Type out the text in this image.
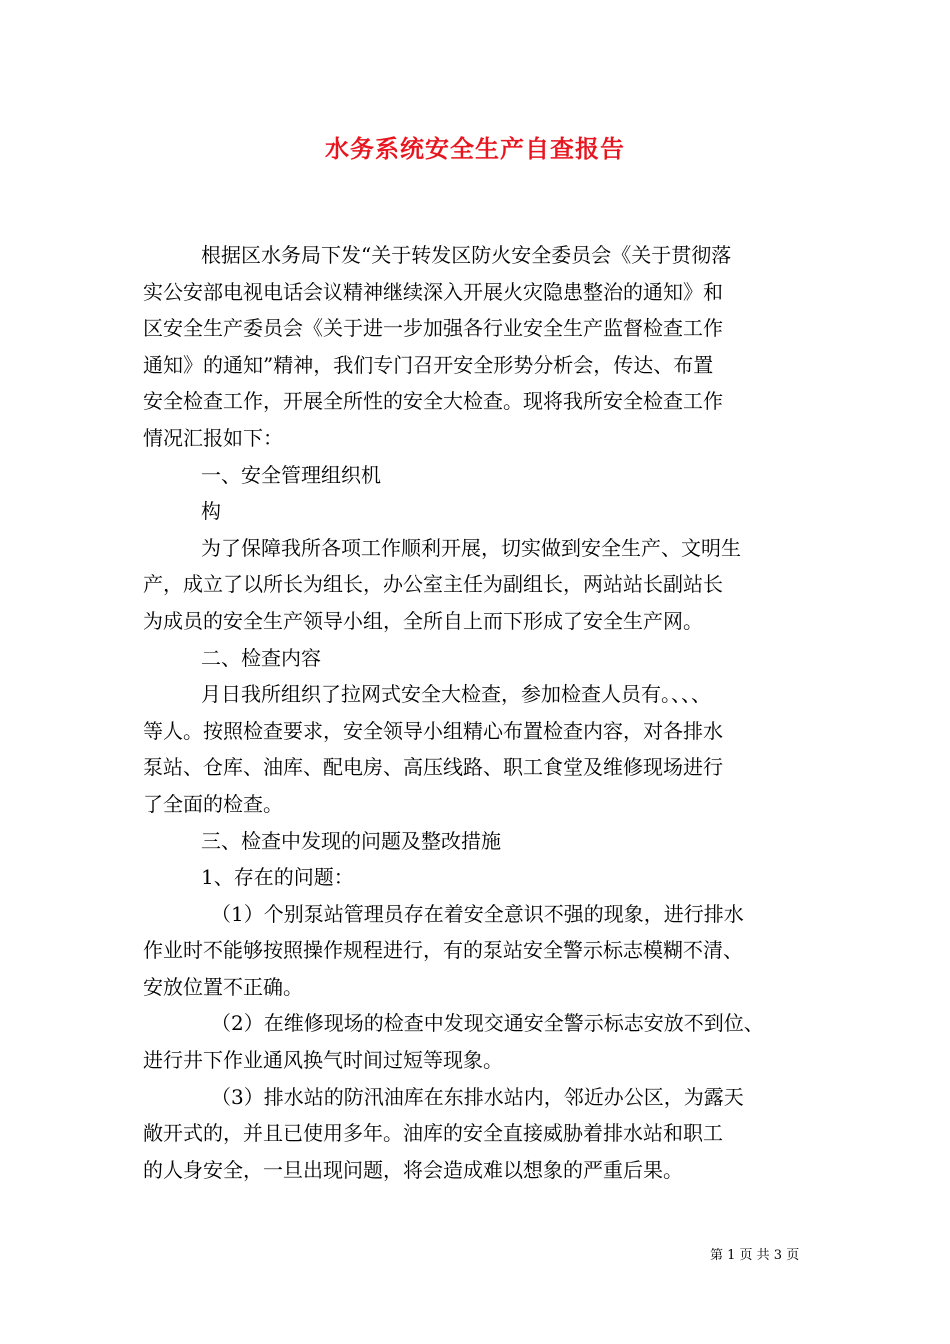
水务系统安全生产自查报告
根据区水务局下发“关于转发区防火安全委员会《关于贯彻落
实公安部电视电话会议精神继续深入开展火灾隐患整治的通知》和
区安全生产委员会《关于进一步加强各行业安全生产监督检查工作
通知》的通知”精神，我们专门召开安全形势分析会，传达、布置
安全检查工作，开展全所性的安全大检查。现将我所安全检查工作
情况汇报如下：
一、安全管理组织机
构
为了保障我所各项工作顺利开展，切实做到安全生产、文明生
产，成立了以所长为组长，办公室主任为副组长，两站站长副站长
为成员的安全生产领导小组，全所自上而下形成了安全生产网。
二、检查内容
月日我所组织了拉网式安全大检查，参加检查人员有。、、、
等人。按照检查要求，安全领导小组精心布置检查内容，对各排水
泵站、仓库、油库、配电房、高压线路、职工食堂及维修现场进行
了全面的检查。
三、检查中发现的问题及整改措施
1、存在的问题：
（1）个别泵站管理员存在着安全意识不强的现象，进行排水
作业时不能够按照操作规程进行，有的泵站安全警示标志模糊不清、
安放位置不正确。
（2）在维修现场的检查中发现交通安全警示标志安放不到位、
进行井下作业通风换气时间过短等现象。
（3）排水站的防汛油库在东排水站内，邻近办公区，为露天
敞开式的，并且已使用多年。油库的安全直接威胁着排水站和职工
的人身安全，一旦出现问题，将会造成难以想象的严重后果。
第 1 页 共 3 页
